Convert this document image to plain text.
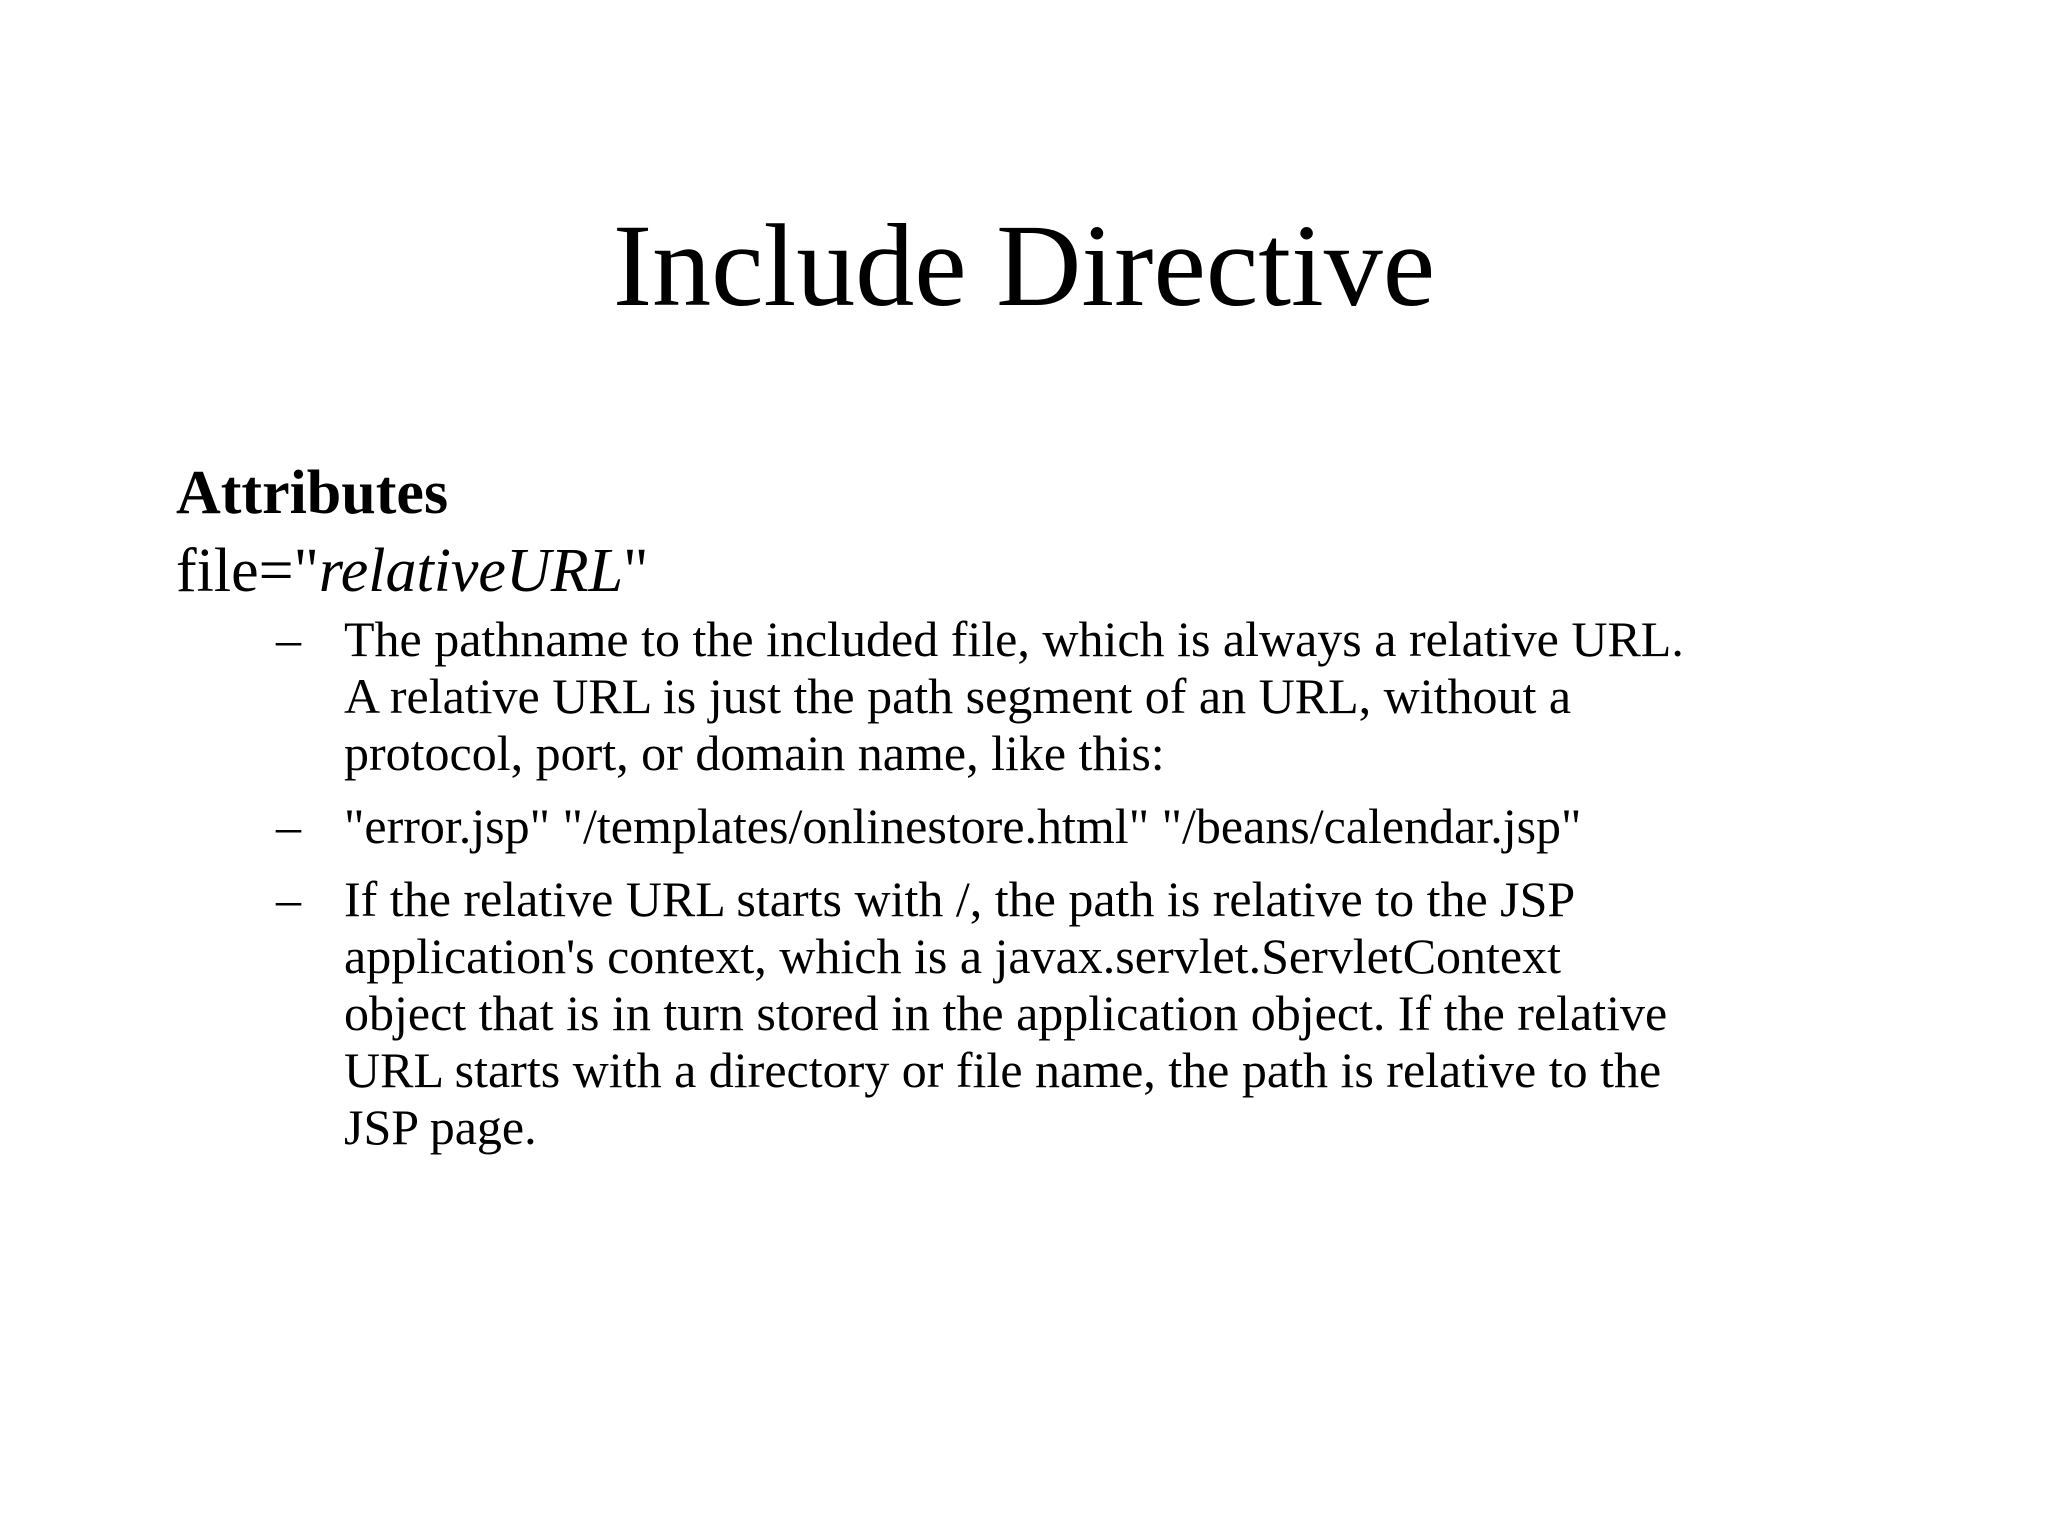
Include Directive
Attributes
file="relativeURL"
– The pathname to the included file, which is always a relative URL.
A relative URL is just the path segment of an URL, without a
protocol, port, or domain name, like this:
– "error.jsp" "/templates/onlinestore.html" "/beans/calendar.jsp"
– If the relative URL starts with /, the path is relative to the JSP
application's context, which is a javax.servlet.ServletContext
object that is in turn stored in the application object. If the relative
URL starts with a directory or file name, the path is relative to the
JSP page.
